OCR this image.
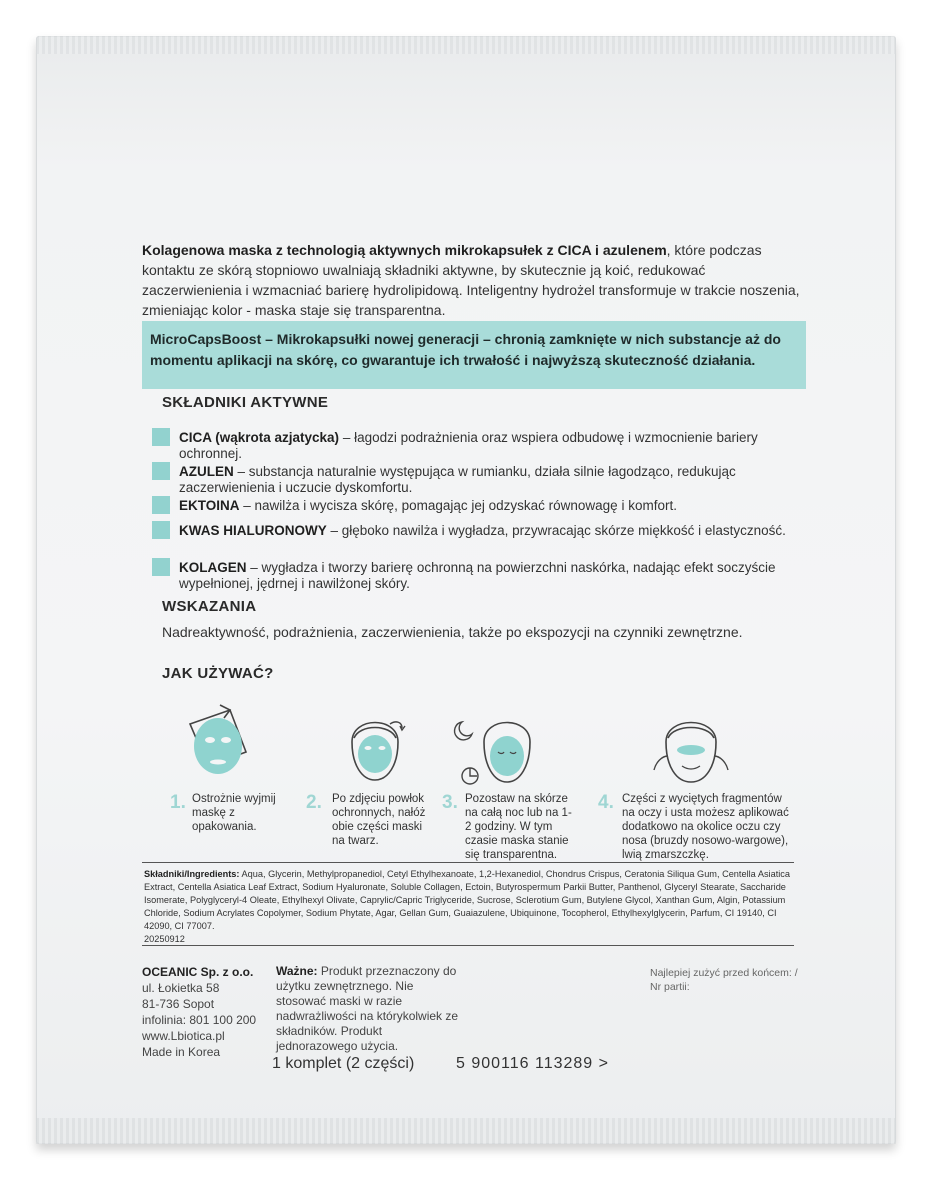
Kolagenowa maska z technologią aktywnych mikrokapsułek z CICA i azulenem, które podczas kontaktu ze skórą stopniowo uwalniają składniki aktywne, by skutecznie ją koić, redukować zaczerwienienia i wzmacniać barierę hydrolipidową. Inteligentny hydrożel transformuje w trakcie noszenia, zmieniając kolor - maska staje się transparentna.
MicroCapsBoost – Mikrokapsułki nowej generacji – chronią zamknięte w nich substancje aż do momentu aplikacji na skórę, co gwarantuje ich trwałość i najwyższą skuteczność działania.
SKŁADNIKI AKTYWNE
CICA (wąkrota azjatycka) – łagodzi podrażnienia oraz wspiera odbudowę i wzmocnienie bariery ochronnej.
AZULEN – substancja naturalnie występująca w rumianku, działa silnie łagodząco, redukując zaczerwienienia i uczucie dyskomfortu.
EKTOINA – nawilża i wycisza skórę, pomagając jej odzyskać równowagę i komfort.
KWAS HIALURONOWY – głęboko nawilża i wygładza, przywracając skórze miękkość i elastyczność.
KOLAGEN – wygładza i tworzy barierę ochronną na powierzchni naskórka, nadając efekt soczyście wypełnionej, jędrnej i nawilżonej skóry.
WSKAZANIA
Nadreaktywność, podrażnienia, zaczerwienienia, także po ekspozycji na czynniki zewnętrzne.
JAK UŻYWAĆ?
1. Ostrożnie wyjmij maskę z opakowania.
2. Po zdjęciu powłok ochronnych, nałóż obie części maski na twarz.
3. Pozostaw na skórze na całą noc lub na 1-2 godziny. W tym czasie maska stanie się transparentna.
4. Części z wyciętych fragmentów na oczy i usta możesz aplikować dodatkowo na okolice oczu czy nosa (bruzdy nosowo-wargowe), lwią zmarszczkę.
Składniki/Ingredients: Aqua, Glycerin, Methylpropanediol, Cetyl Ethylhexanoate, 1,2-Hexanediol, Chondrus Crispus, Ceratonia Siliqua Gum, Centella Asiatica Extract, Centella Asiatica Leaf Extract, Sodium Hyaluronate, Soluble Collagen, Ectoin, Butyrospermum Parkii Butter, Panthenol, Glyceryl Stearate, Saccharide Isomerate, Polyglyceryl-4 Oleate, Ethylhexyl Olivate, Caprylic/Capric Triglyceride, Sucrose, Sclerotium Gum, Butylene Glycol, Xanthan Gum, Algin, Potassium Chloride, Sodium Acrylates Copolymer, Sodium Phytate, Agar, Gellan Gum, Guaiazulene, Ubiquinone, Tocopherol, Ethylhexylglycerin, Parfum, CI 19140, CI 42090, CI 77007.
20250912
OCEANIC Sp. z o.o.
ul. Łokietka 58
81-736 Sopot
infolinia: 801 100 200
www.Lbiotica.pl
Made in Korea
Ważne: Produkt przeznaczony do użytku zewnętrznego. Nie stosować maski w razie nadwrażliwości na którykolwiek ze składników. Produkt jednorazowego użycia.
Najlepiej zużyć przed końcem: /
Nr partii:
1 komplet (2 części)	5 900116 113289 >
